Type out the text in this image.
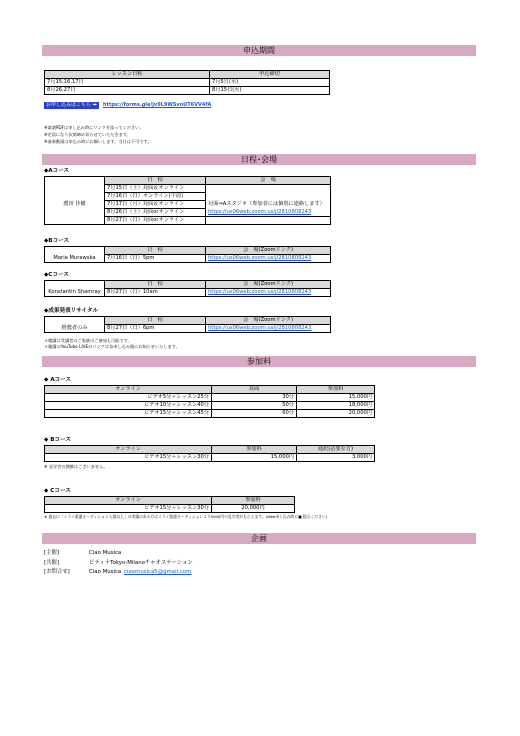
申込期間
レッスン日程	申込締切
7月15,16,17日	7月5日(水)
8月26,27日	8月15日(火)
お申し込みはこちら ➡	https://forms.gle/jv9L9WSvoUT6VV4fA
※楽譜PDFは申し込み時にリンクを添ってください。
※定員になり次第締め切らせていただきます。
※演奏動画は申込み時にお願いします。当日は不可です。
日程･会場
◆Aコース
	日　程	会　場
薦田 佳樹	7月15日（土）対面＆オンライン	
	7月16日（日）オンライン(午前)	
	7月17日（月）対面＆オンライン	対面⇒Aスタジオ（参加者には個別に連絡します）
	8月26日（土）対面orオンライン	https://us06web.zoom.us/j/2810808243
	8月27日（日）対面orオンライン	
◆Bコース
	日　程	会　場(Zoomリンク)
Maria Murawska	7月16日（日）5pm	https://us06web.zoom.us/j/2810808243
◆Cコース
	日　程	会　場(Zoomリンク)
Konstantin Shamray	8月27日（日）10am	https://us06web.zoom.us/j/2810808243
◆成果発表リサイタル
	日　程	会　場(Zoomリンク)
推薦者のみ	8月27日（日）6pm	https://us06web.zoom.us/j/2810808243
＊聴講は受講者のご家族のご参加も可能です。
＊聴講のYouTube LIVEのリンクは各申し込み後にお知らせいたします。
参加料
◆ Aコース
オンライン	対面	参加料
ビデオ5分＋レッスン25分	30分	15,000円
ビデオ10分＋レッスン40分	50分	18,000円
ビデオ15分＋レッスン45分	60分	20,000円
◆ Bコース
オンライン	参加料	通訳(必要な方)
ビデオ15分＋レッスン30分	15,000円	3,000円
※ 見学会の開催はございません。
◆ Cコース
オンライン	参加料
ビデオ15分＋レッスン30分	20,000円
※ 過去に「ミラノ派遣オーディション入賞以上」の実績のある方はミラノ派遣オーディションより5000円の見学者がもらえます。(Web申し込み時に■ 提示ください)
企画
[主催]	Ciao Musica
[共催]	ピティナTokyo-Milanoチャオステーション
[お問合せ]	Ciao Musica ciaomusica5@gmail.com
